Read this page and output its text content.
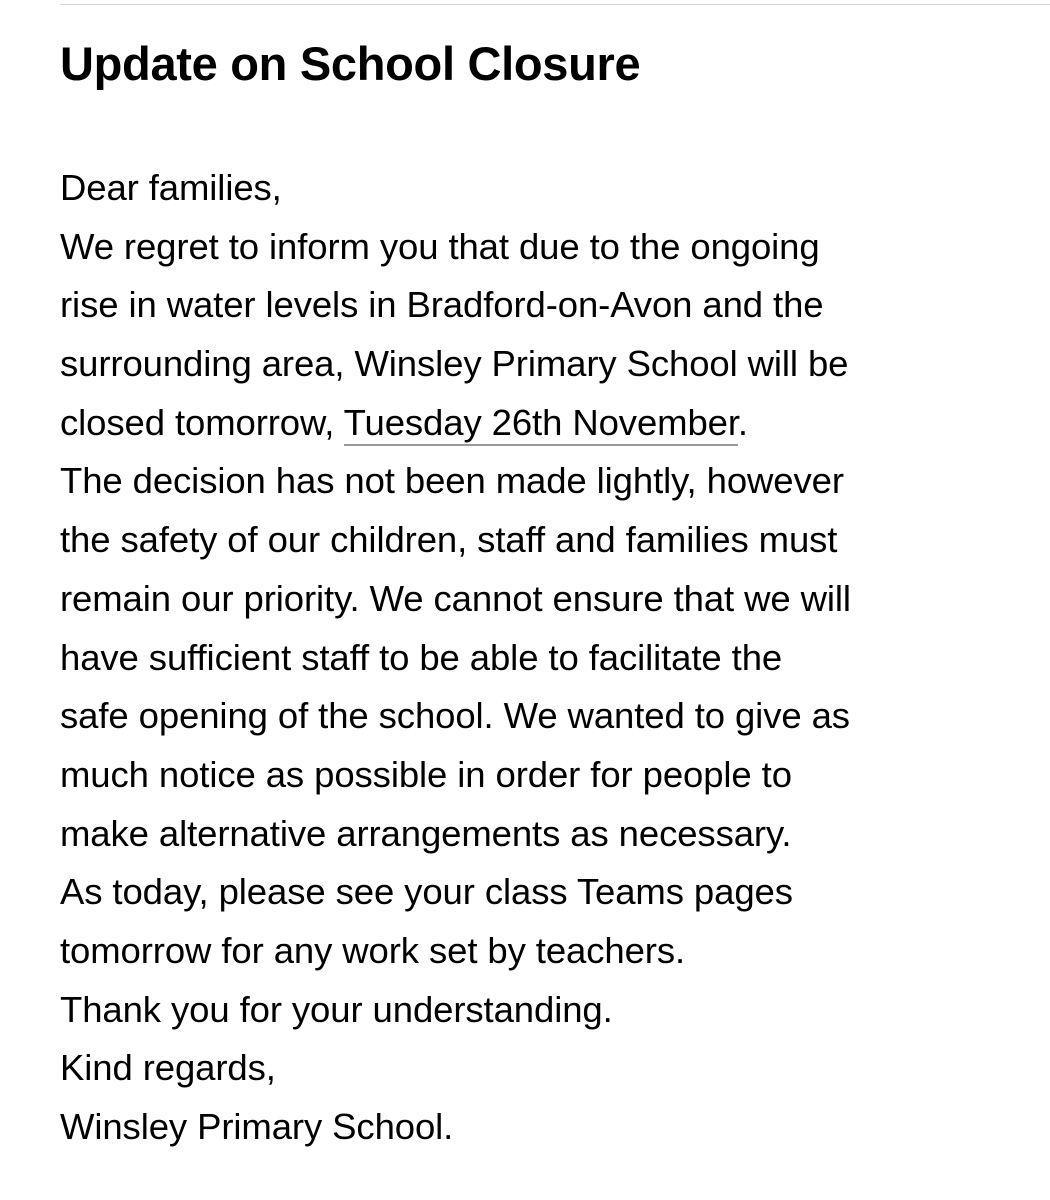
Update on School Closure
Dear families,
We regret to inform you that due to the ongoing
rise in water levels in Bradford-on-Avon and the
surrounding area, Winsley Primary School will be
closed tomorrow, Tuesday 26th November.
The decision has not been made lightly, however
the safety of our children, staff and families must
remain our priority. We cannot ensure that we will
have sufficient staff to be able to facilitate the
safe opening of the school. We wanted to give as
much notice as possible in order for people to
make alternative arrangements as necessary.
As today, please see your class Teams pages
tomorrow for any work set by teachers.
Thank you for your understanding.
Kind regards,
Winsley Primary School.
